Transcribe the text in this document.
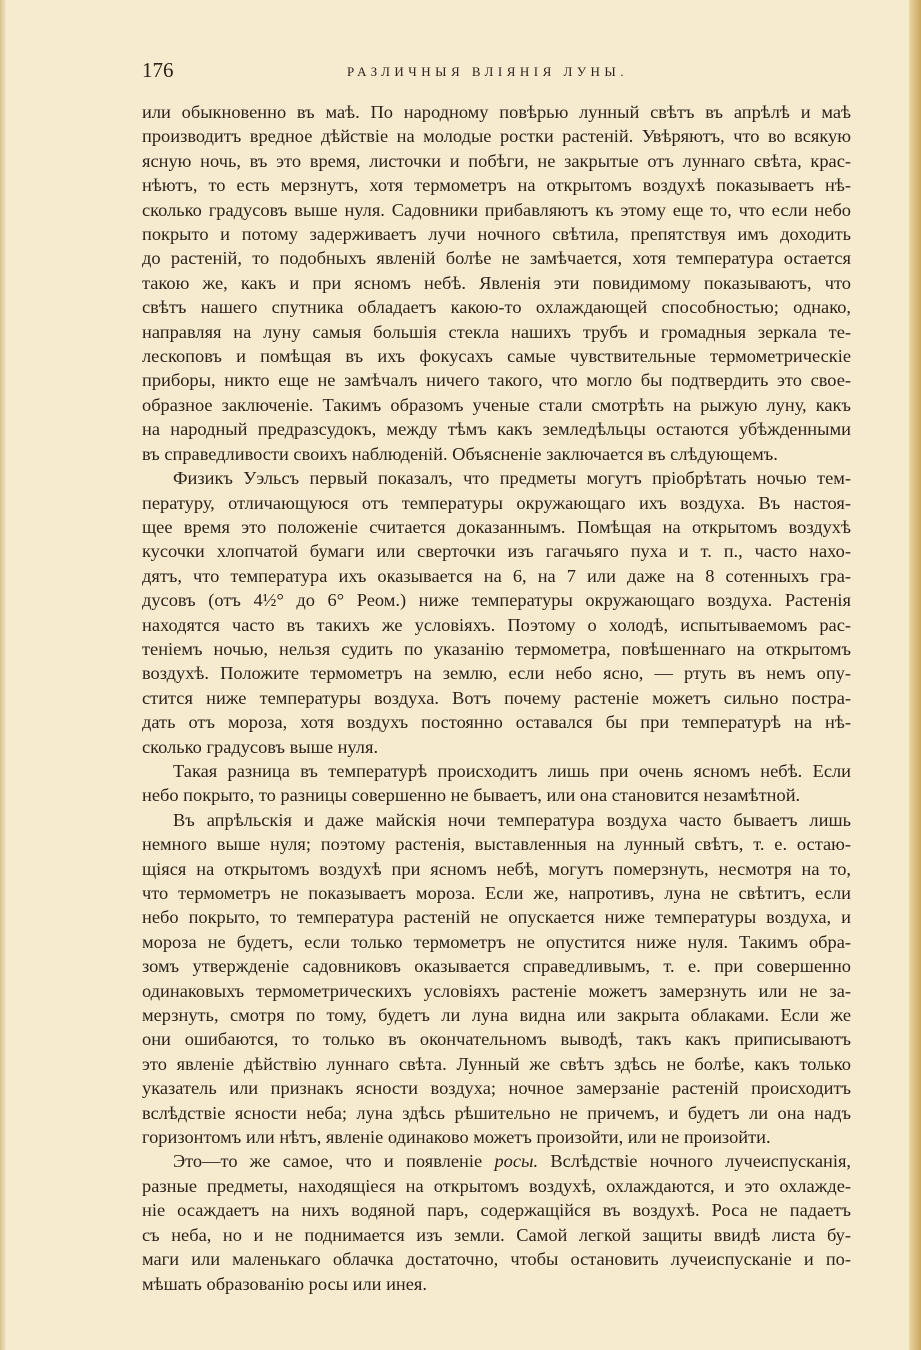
176	РАЗЛИЧНЫЯ ВЛІЯНІЯ ЛУНЫ.
или обыкновенно въ маѣ. По народному повѣрью лунный свѣтъ въ апрѣлѣ и маѣ
производитъ вредное дѣйствіе на молодые ростки растеній. Увѣряютъ, что во всякую
ясную ночь, въ это время, листочки и побѣги, не закрытые отъ луннаго свѣта, крас-
нѣютъ, то есть мерзнутъ, хотя термометръ на открытомъ воздухѣ показываетъ нѣ-
сколько градусовъ выше нуля. Садовники прибавляютъ къ этому еще то, что если небо
покрыто и потому задерживаетъ лучи ночного свѣтила, препятствуя имъ доходить
до растеній, то подобныхъ явленій болѣе не замѣчается, хотя температура остается
такою же, какъ и при ясномъ небѣ. Явленія эти повидимому показываютъ, что
свѣтъ нашего спутника обладаетъ какою-то охлаждающей способностью; однако,
направляя на луну самыя большія стекла нашихъ трубъ и громадныя зеркала те-
лескоповъ и помѣщая въ ихъ фокусахъ самые чувствительные термометрическіе
приборы, никто еще не замѣчалъ ничего такого, что могло бы подтвердить это свое-
образное заключеніе. Такимъ образомъ ученые стали смотрѣть на рыжую луну, какъ
на народный предразсудокъ, между тѣмъ какъ земледѣльцы остаются убѣжденными
въ справедливости своихъ наблюденій. Объясненіе заключается въ слѣдующемъ.
Физикъ Уэльсъ первый показалъ, что предметы могутъ пріобрѣтать ночью тем-
пературу, отличающуюся отъ температуры окружающаго ихъ воздуха. Въ настоя-
щее время это положеніе считается доказаннымъ. Помѣщая на открытомъ воздухѣ
кусочки хлопчатой бумаги или сверточки изъ гагачьяго пуха и т. п., часто нахо-
дятъ, что температура ихъ оказывается на 6, на 7 или даже на 8 сотенныхъ гра-
дусовъ (отъ 4½° до 6° Реом.) ниже температуры окружающаго воздуха. Растенія
находятся часто въ такихъ же условіяхъ. Поэтому о холодѣ, испытываемомъ рас-
теніемъ ночью, нельзя судить по указанію термометра, повѣшеннаго на открытомъ
воздухѣ. Положите термометръ на землю, если небо ясно, — ртуть въ немъ опу-
стится ниже температуры воздуха. Вотъ почему растеніе можетъ сильно постра-
дать отъ мороза, хотя воздухъ постоянно оставался бы при температурѣ на нѣ-
сколько градусовъ выше нуля.
Такая разница въ температурѣ происходитъ лишь при очень ясномъ небѣ. Если
небо покрыто, то разницы совершенно не бываетъ, или она становится незамѣтной.
Въ апрѣльскія и даже майскія ночи температура воздуха часто бываетъ лишь
немного выше нуля; поэтому растенія, выставленныя на лунный свѣтъ, т. е. остаю-
щіяся на открытомъ воздухѣ при ясномъ небѣ, могутъ померзнуть, несмотря на то,
что термометръ не показываетъ мороза. Если же, напротивъ, луна не свѣтитъ, если
небо покрыто, то температура растеній не опускается ниже температуры воздуха, и
мороза не будетъ, если только термометръ не опустится ниже нуля. Такимъ обра-
зомъ утвержденіе садовниковъ оказывается справедливымъ, т. е. при совершенно
одинаковыхъ термометрическихъ условіяхъ растеніе можетъ замерзнуть или не за-
мерзнуть, смотря по тому, будетъ ли луна видна или закрыта облаками. Если же
они ошибаются, то только въ окончательномъ выводѣ, такъ какъ приписываютъ
это явленіе дѣйствію луннаго свѣта. Лунный же свѣтъ здѣсь не болѣе, какъ только
указатель или признакъ ясности воздуха; ночное замерзаніе растеній происходитъ
вслѣдствіе ясности неба; луна здѣсь рѣшительно не причемъ, и будетъ ли она надъ
горизонтомъ или нѣтъ, явленіе одинаково можетъ произойти, или не произойти.
Это—то же самое, что и появленіе росы. Вслѣдствіе ночного лучеиспусканія,
разные предметы, находящіеся на открытомъ воздухѣ, охлаждаются, и это охлажде-
ніе осаждаетъ на нихъ водяной паръ, содержащійся въ воздухѣ. Роса не падаетъ
съ неба, но и не поднимается изъ земли. Самой легкой защиты ввидѣ листа бу-
маги или маленькаго облачка достаточно, чтобы остановить лучеиспусканіе и по-
мѣшать образованію росы или инея.
